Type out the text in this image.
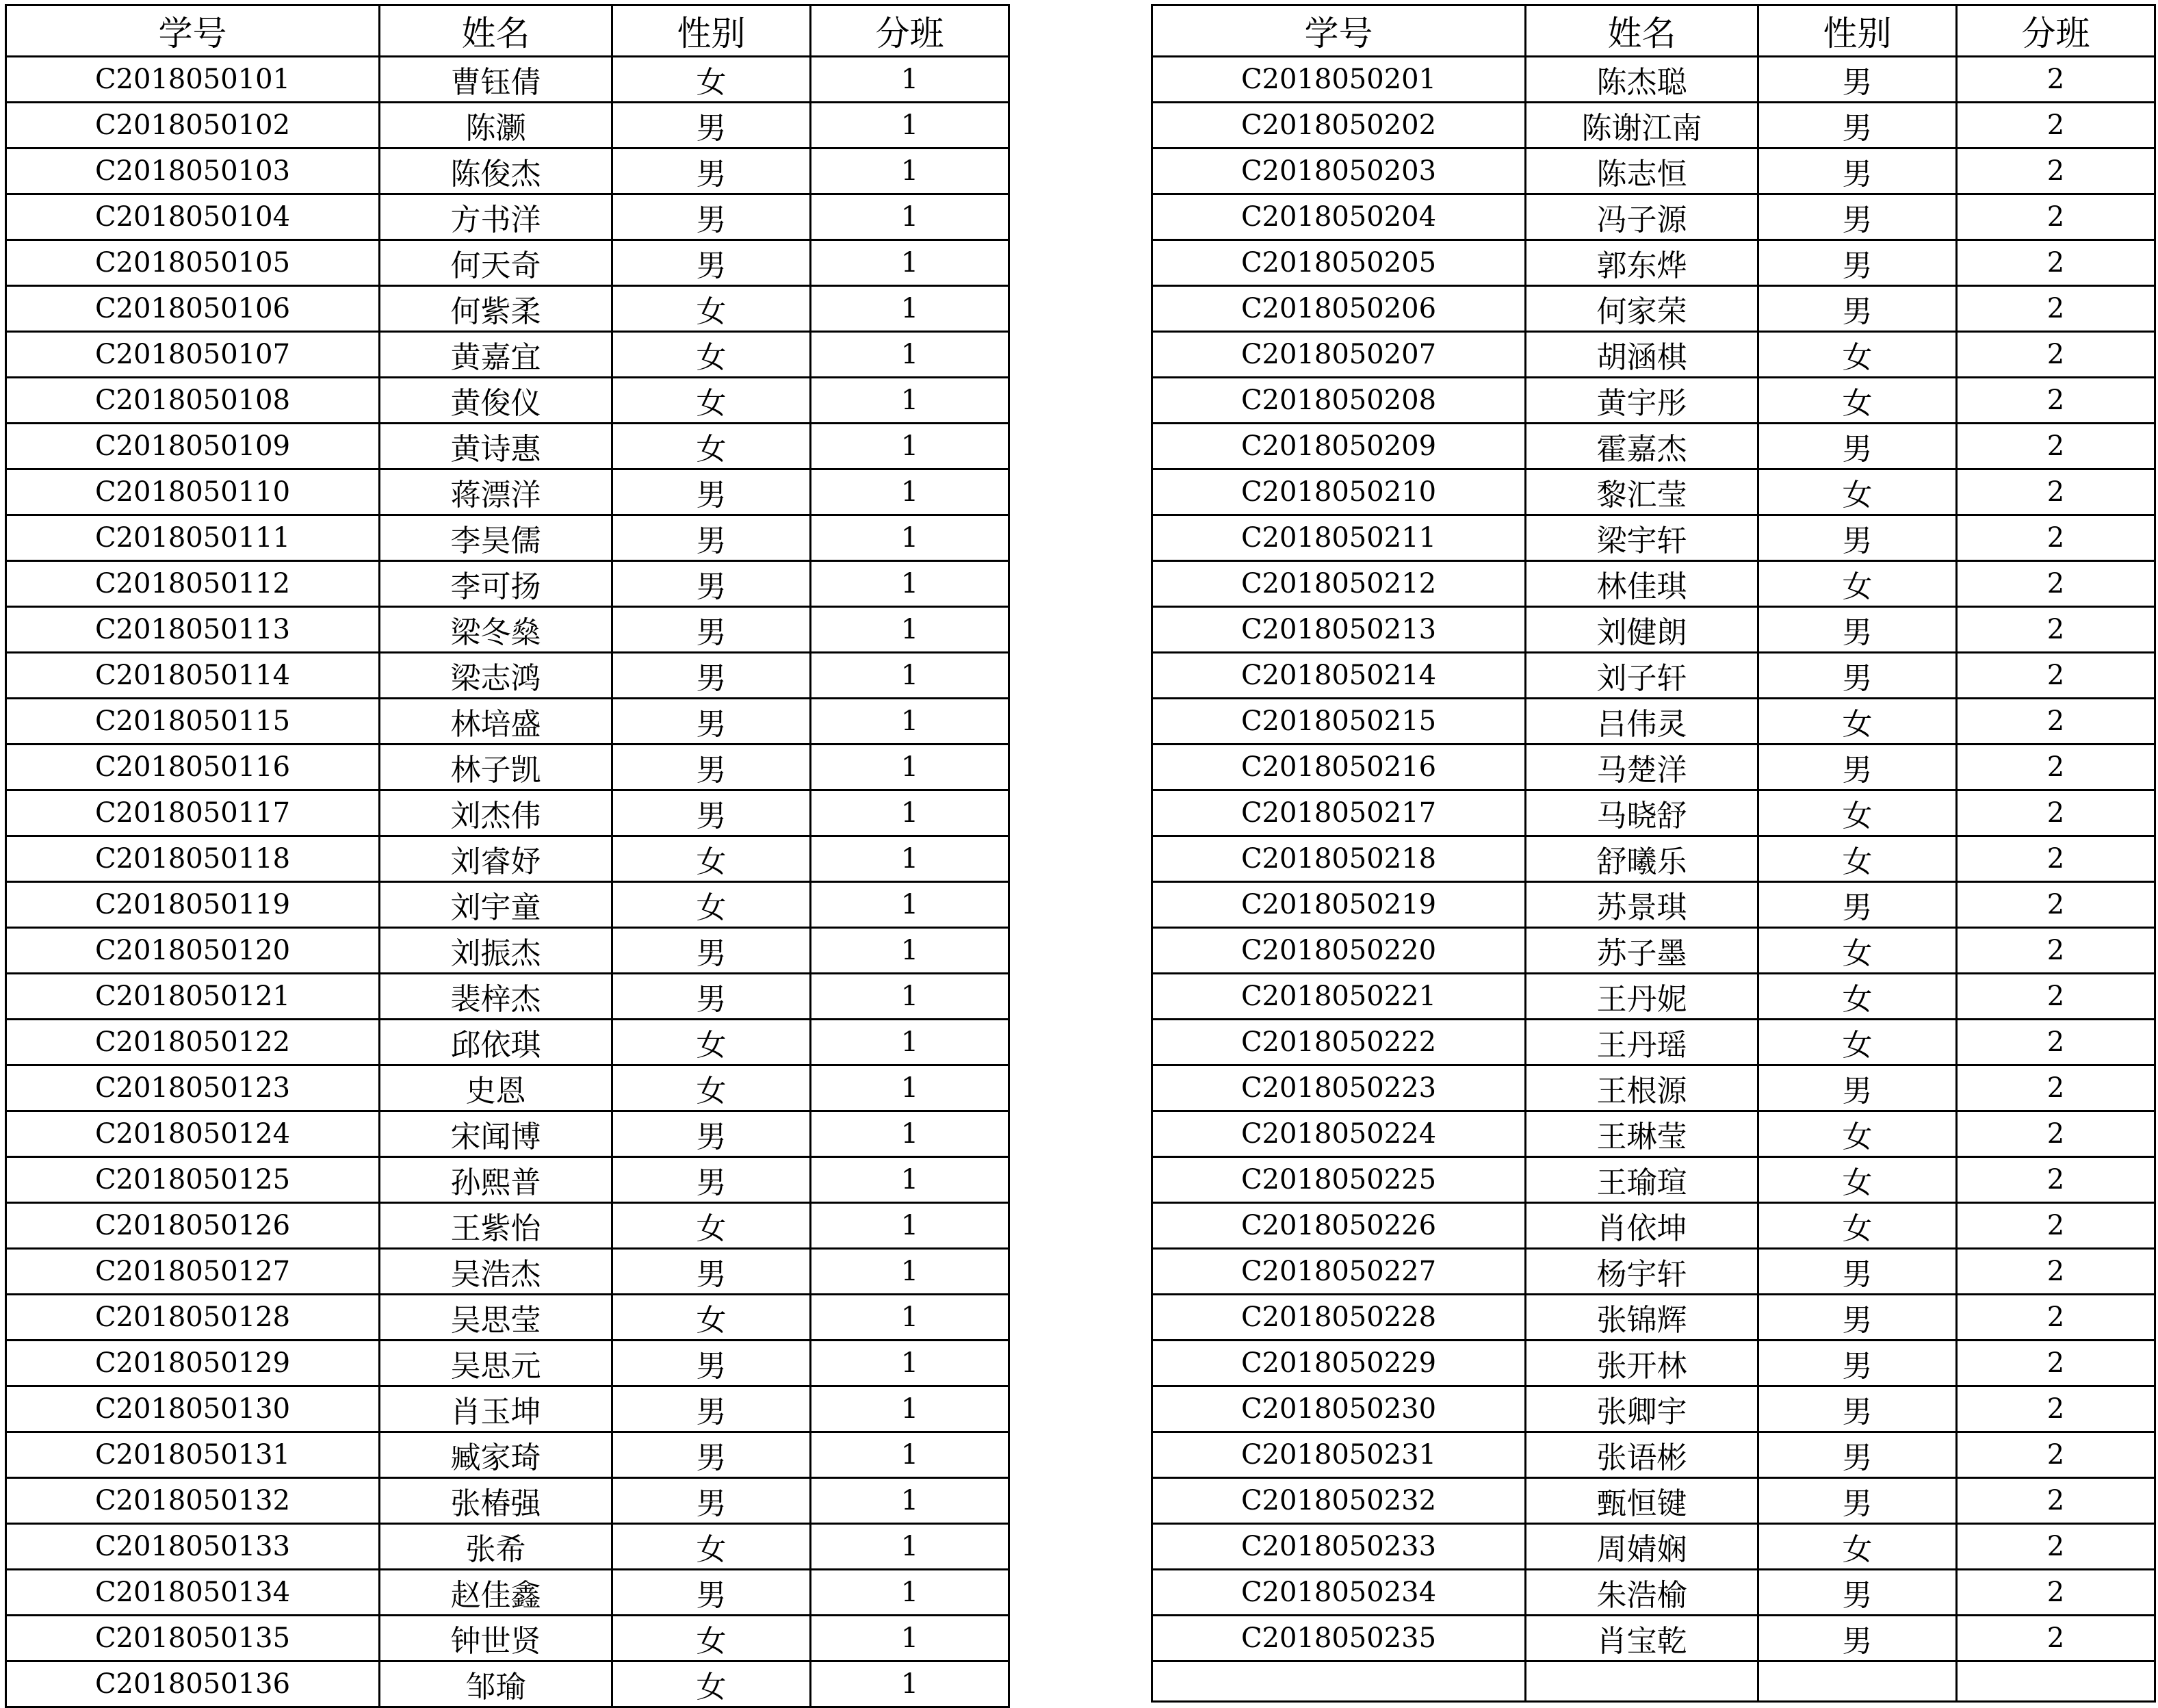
学号	姓名	性别	分班
C2018050101	曹钰倩	女	1
C2018050102	陈灏	男	1
C2018050103	陈俊杰	男	1
C2018050104	方书洋	男	1
C2018050105	何天奇	男	1
C2018050106	何紫柔	女	1
C2018050107	黄嘉宜	女	1
C2018050108	黄俊仪	女	1
C2018050109	黄诗惠	女	1
C2018050110	蒋漂洋	男	1
C2018050111	李昊儒	男	1
C2018050112	李可扬	男	1
C2018050113	梁冬燊	男	1
C2018050114	梁志鸿	男	1
C2018050115	林培盛	男	1
C2018050116	林子凯	男	1
C2018050117	刘杰伟	男	1
C2018050118	刘睿妤	女	1
C2018050119	刘宇童	女	1
C2018050120	刘振杰	男	1
C2018050121	裴梓杰	男	1
C2018050122	邱依琪	女	1
C2018050123	史恩	女	1
C2018050124	宋闻博	男	1
C2018050125	孙熙普	男	1
C2018050126	王紫怡	女	1
C2018050127	吴浩杰	男	1
C2018050128	吴思莹	女	1
C2018050129	吴思元	男	1
C2018050130	肖玉坤	男	1
C2018050131	臧家琦	男	1
C2018050132	张椿强	男	1
C2018050133	张希	女	1
C2018050134	赵佳鑫	男	1
C2018050135	钟世贤	女	1
C2018050136	邹瑜	女	1
学号	姓名	性别	分班
C2018050201	陈杰聪	男	2
C2018050202	陈谢江南	男	2
C2018050203	陈志恒	男	2
C2018050204	冯子源	男	2
C2018050205	郭东烨	男	2
C2018050206	何家荣	男	2
C2018050207	胡涵棋	女	2
C2018050208	黄宇彤	女	2
C2018050209	霍嘉杰	男	2
C2018050210	黎汇莹	女	2
C2018050211	梁宇轩	男	2
C2018050212	林佳琪	女	2
C2018050213	刘健朗	男	2
C2018050214	刘子轩	男	2
C2018050215	吕伟灵	女	2
C2018050216	马楚洋	男	2
C2018050217	马晓舒	女	2
C2018050218	舒曦乐	女	2
C2018050219	苏景琪	男	2
C2018050220	苏子墨	女	2
C2018050221	王丹妮	女	2
C2018050222	王丹瑶	女	2
C2018050223	王根源	男	2
C2018050224	王琳莹	女	2
C2018050225	王瑜瑄	女	2
C2018050226	肖依坤	女	2
C2018050227	杨宇轩	男	2
C2018050228	张锦辉	男	2
C2018050229	张开林	男	2
C2018050230	张卿宇	男	2
C2018050231	张语彬	男	2
C2018050232	甄恒键	男	2
C2018050233	周婧娴	女	2
C2018050234	朱浩榆	男	2
C2018050235	肖宝乾	男	2
